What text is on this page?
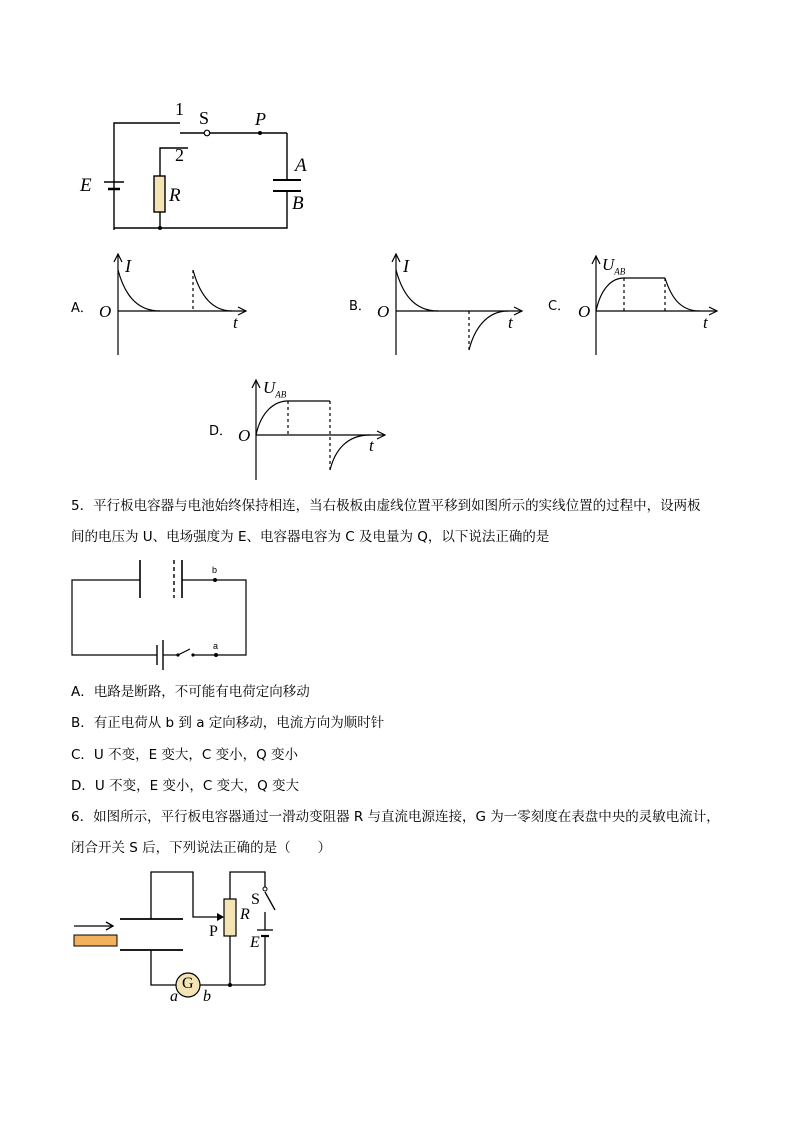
1 S	P
2
E	R
A
B
A．
I
O
t
B．
I
O
t
C．
$U_{AB}$
O
t
D．
$U_{AB}$
O
t
5．平行板电容器与电池始终保持相连，当右极板由虚线位置平移到如图所示的实线位置的过程中，设两板
间的电压为 U、电场强度为 E、电容器电容为 C 及电量为 Q，以下说法正确的是
b
a
A．电路是断路，不可能有电荷定向移动
B．有正电荷从 b 到 a 定向移动，电流方向为顺时针
C．U 不变，E 变大，C 变小，Q 变小
D．U 不变，E 变小，C 变大，Q 变大
6．如图所示，平行板电容器通过一滑动变阻器 R 与直流电源连接，G 为一零刻度在表盘中央的灵敏电流计，
闭合开关 S 后，下列说法正确的是（　　）
G
a b
P
R
S
E
